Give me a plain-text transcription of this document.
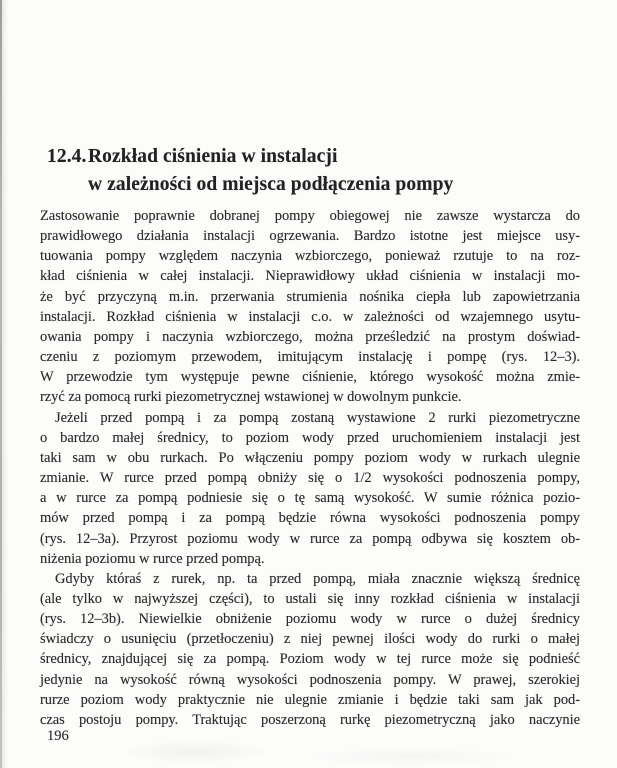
12.4. Rozkład ciśnienia w instalacji
w zależności od miejsca podłączenia pompy
Zastosowanie poprawnie dobranej pompy obiegowej nie zawsze wystarcza do
prawidłowego działania instalacji ogrzewania. Bardzo istotne jest miejsce usy-
tuowania pompy względem naczynia wzbiorczego, ponieważ rzutuje to na roz-
kład ciśnienia w całej instalacji. Nieprawidłowy układ ciśnienia w instalacji mo-
że być przyczyną m.in. przerwania strumienia nośnika ciepła lub zapowietrzania
instalacji. Rozkład ciśnienia w instalacji c.o. w zależności od wzajemnego usytu-
owania pompy i naczynia wzbiorczego, można prześledzić na prostym doświad-
czeniu z poziomym przewodem, imitującym instalację i pompę (rys. 12–3).
W przewodzie tym występuje pewne ciśnienie, którego wysokość można zmie-
rzyć za pomocą rurki piezometrycznej wstawionej w dowolnym punkcie.
Jeżeli przed pompą i za pompą zostaną wystawione 2 rurki piezometryczne
o bardzo małej średnicy, to poziom wody przed uruchomieniem instalacji jest
taki sam w obu rurkach. Po włączeniu pompy poziom wody w rurkach ulegnie
zmianie. W rurce przed pompą obniży się o 1/2 wysokości podnoszenia pompy,
a w rurce za pompą podniesie się o tę samą wysokość. W sumie różnica pozio-
mów przed pompą i za pompą będzie równa wysokości podnoszenia pompy
(rys. 12–3a). Przyrost poziomu wody w rurce za pompą odbywa się kosztem ob-
niżenia poziomu w rurce przed pompą.
Gdyby któraś z rurek, np. ta przed pompą, miała znacznie większą średnicę
(ale tylko w najwyższej części), to ustali się inny rozkład ciśnienia w instalacji
(rys. 12–3b). Niewielkie obniżenie poziomu wody w rurce o dużej średnicy
świadczy o usunięciu (przetłoczeniu) z niej pewnej ilości wody do rurki o małej
średnicy, znajdującej się za pompą. Poziom wody w tej rurce może się podnieść
jedynie na wysokość równą wysokości podnoszenia pompy. W prawej, szerokiej
rurze poziom wody praktycznie nie ulegnie zmianie i będzie taki sam jak pod-
czas postoju pompy. Traktując poszerzoną rurkę piezometryczną jako naczynie
196
